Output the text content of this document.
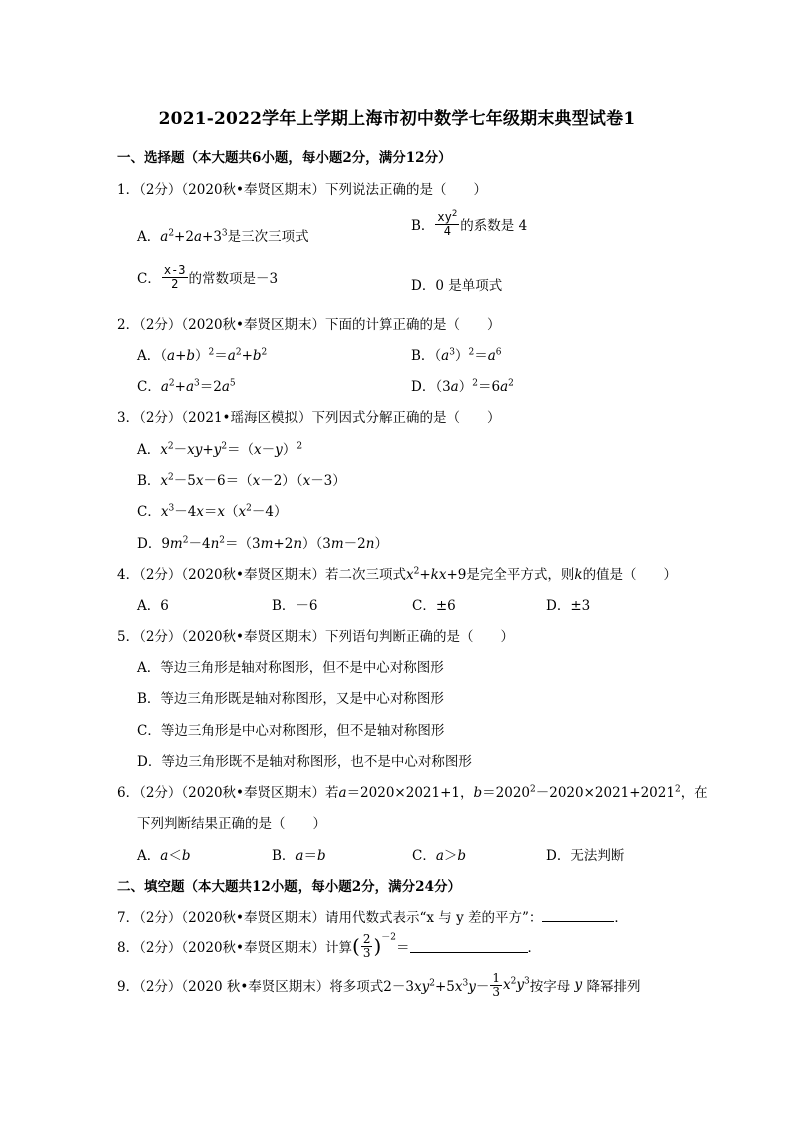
2021-2022学年上学期上海市初中数学七年级期末典型试卷1
一、选择题（本大题共6小题，每小题2分，满分12分）
1．（2分）（2020秋•奉贤区期末）下列说法正确的是（　　）
A．$a^2+2a+3^3$是三次三项式
B． $\frac{xy^2}{4}$ 的系数是 4
C． $\frac{x-3}{2}$ 的常数项是－3	D．0 是单项式
2．（2分）（2020秋•奉贤区期末）下面的计算正确的是（　　）
A．$(a+b)^2=a^2+b^2$	B．$(a^3)^2=a^6$
C．$a^2+a^3=2a^5$	D．$(3a)^2=6a^2$
3．（2分）（2021•瑶海区模拟）下列因式分解正确的是（　　）
A．$x^2-xy+y^2=(x-y)^2$
B．$x^2-5x-6=(x-2)(x-3)$
C．$x^3-4x=x(x^2-4)$
D．$9m^2-4n^2=(3m+2n)(3m-2n)$
4．（2分）（2020秋•奉贤区期末）若二次三项式$x^2+kx+9$是完全平方式，则k的值是（　　）
A．6	B．－6	C．±6	D．±3
5．（2分）（2020秋•奉贤区期末）下列语句判断正确的是（　　）
A．等边三角形是轴对称图形，但不是中心对称图形
B．等边三角形既是轴对称图形，又是中心对称图形
C．等边三角形是中心对称图形，但不是轴对称图形
D．等边三角形既不是轴对称图形，也不是中心对称图形
6．（2分）（2020秋•奉贤区期末）若a＝2020×2021+1，$b=2020^2-2020\times 2021+2021^2$，在
下列判断结果正确的是（　　）
A．a＜b	B．a＝b	C．a＞b	D．无法判断
二、填空题（本大题共12小题，每小题2分，满分24分）
7．（2分）（2020秋•奉贤区期末）请用代数式表示“x 与 y 差的平方”：	．
8．（2分）（2020秋•奉贤区期末）计算( $\frac{2}{3} )^{-2}=$	．
9．（2分）（2020 秋•奉贤区期末）将多项式$2-3xy^2+5x^3y- \frac{1}{3} x^2y^3$按字母 y 降幂排列
